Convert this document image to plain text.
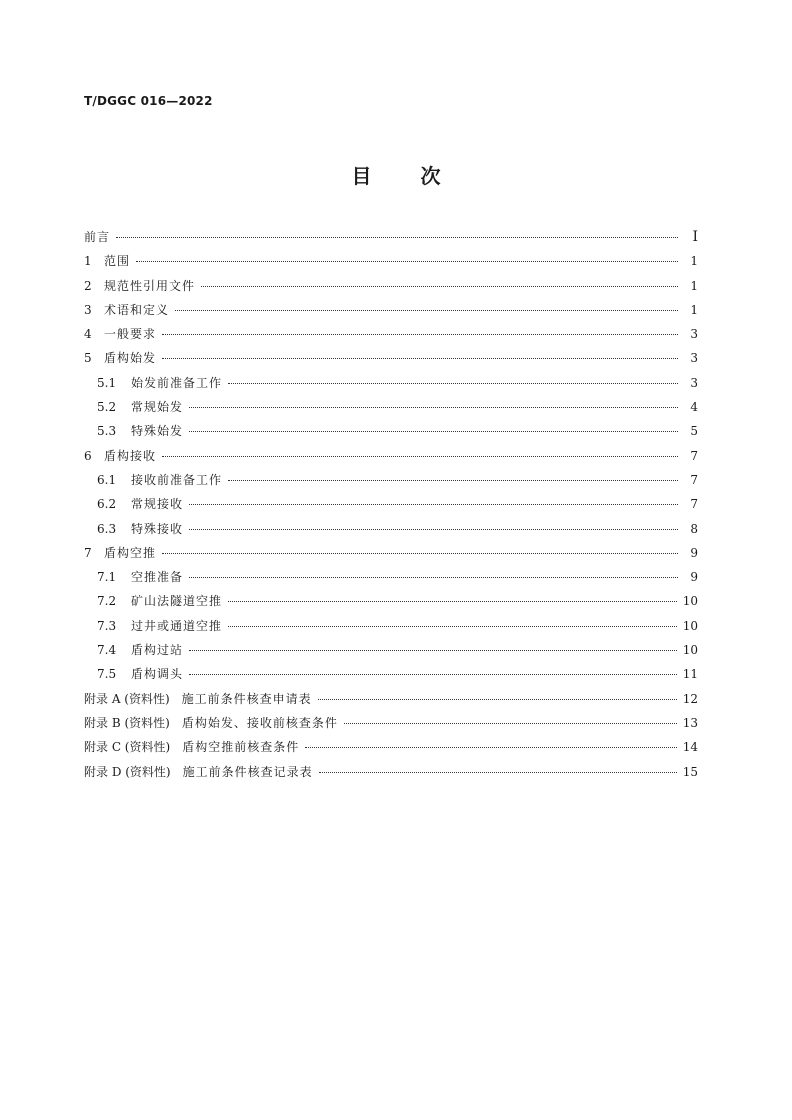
T/DGGC 016—2022
目 次
前言	I
1	范围	1
2	规范性引用文件	1
3	术语和定义	1
4	一般要求	3
5	盾构始发	3
5.1	始发前准备工作	3
5.2	常规始发	4
5.3	特殊始发	5
6	盾构接收	7
6.1	接收前准备工作	7
6.2	常规接收	7
6.3	特殊接收	8
7	盾构空推	9
7.1	空推准备	9
7.2	矿山法隧道空推	10
7.3	过井或通道空推	10
7.4	盾构过站	10
7.5	盾构调头	11
附录 A (资料性) 施工前条件核查申请表	12
附录 B (资料性) 盾构始发、接收前核查条件	13
附录 C (资料性) 盾构空推前核查条件	14
附录 D (资料性) 施工前条件核查记录表	15
